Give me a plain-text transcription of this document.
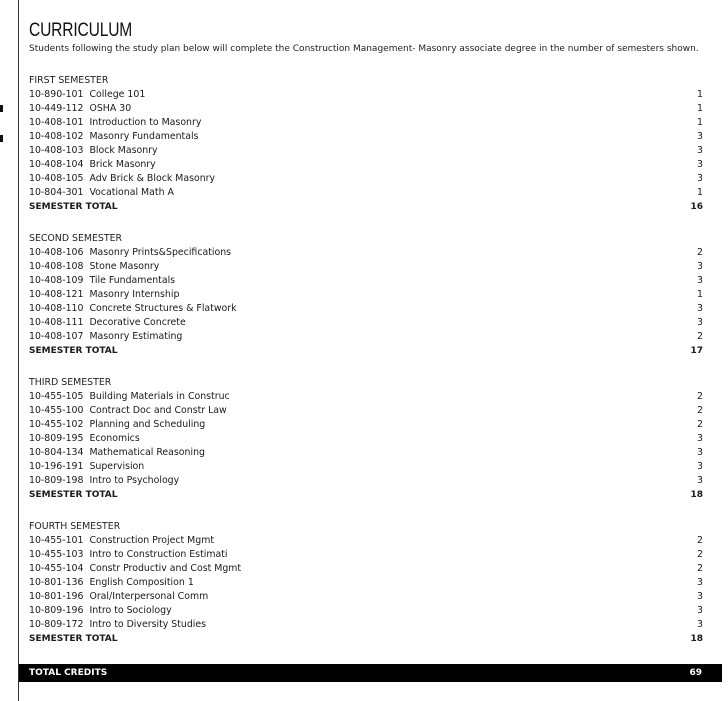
CURRICULUM
Students following the study plan below will complete the Construction Management- Masonry associate degree in the number of semesters shown.
FIRST SEMESTER
10-890-101 College 101	1
10-449-112 OSHA 30	1
10-408-101 Introduction to Masonry	1
10-408-102 Masonry Fundamentals	3
10-408-103 Block Masonry	3
10-408-104 Brick Masonry	3
10-408-105 Adv Brick & Block Masonry	3
10-804-301 Vocational Math A	1
SEMESTER TOTAL	16
SECOND SEMESTER
10-408-106 Masonry Prints&Specifications	2
10-408-108 Stone Masonry	3
10-408-109 Tile Fundamentals	3
10-408-121 Masonry Internship	1
10-408-110 Concrete Structures & Flatwork	3
10-408-111 Decorative Concrete	3
10-408-107 Masonry Estimating	2
SEMESTER TOTAL	17
THIRD SEMESTER
10-455-105 Building Materials in Construc	2
10-455-100 Contract Doc and Constr Law	2
10-455-102 Planning and Scheduling	2
10-809-195 Economics	3
10-804-134 Mathematical Reasoning	3
10-196-191 Supervision	3
10-809-198 Intro to Psychology	3
SEMESTER TOTAL	18
FOURTH SEMESTER
10-455-101 Construction Project Mgmt	2
10-455-103 Intro to Construction Estimati	2
10-455-104 Constr Productiv and Cost Mgmt	2
10-801-136 English Composition 1	3
10-801-196 Oral/Interpersonal Comm	3
10-809-196 Intro to Sociology	3
10-809-172 Intro to Diversity Studies	3
SEMESTER TOTAL	18
TOTAL CREDITS	69
